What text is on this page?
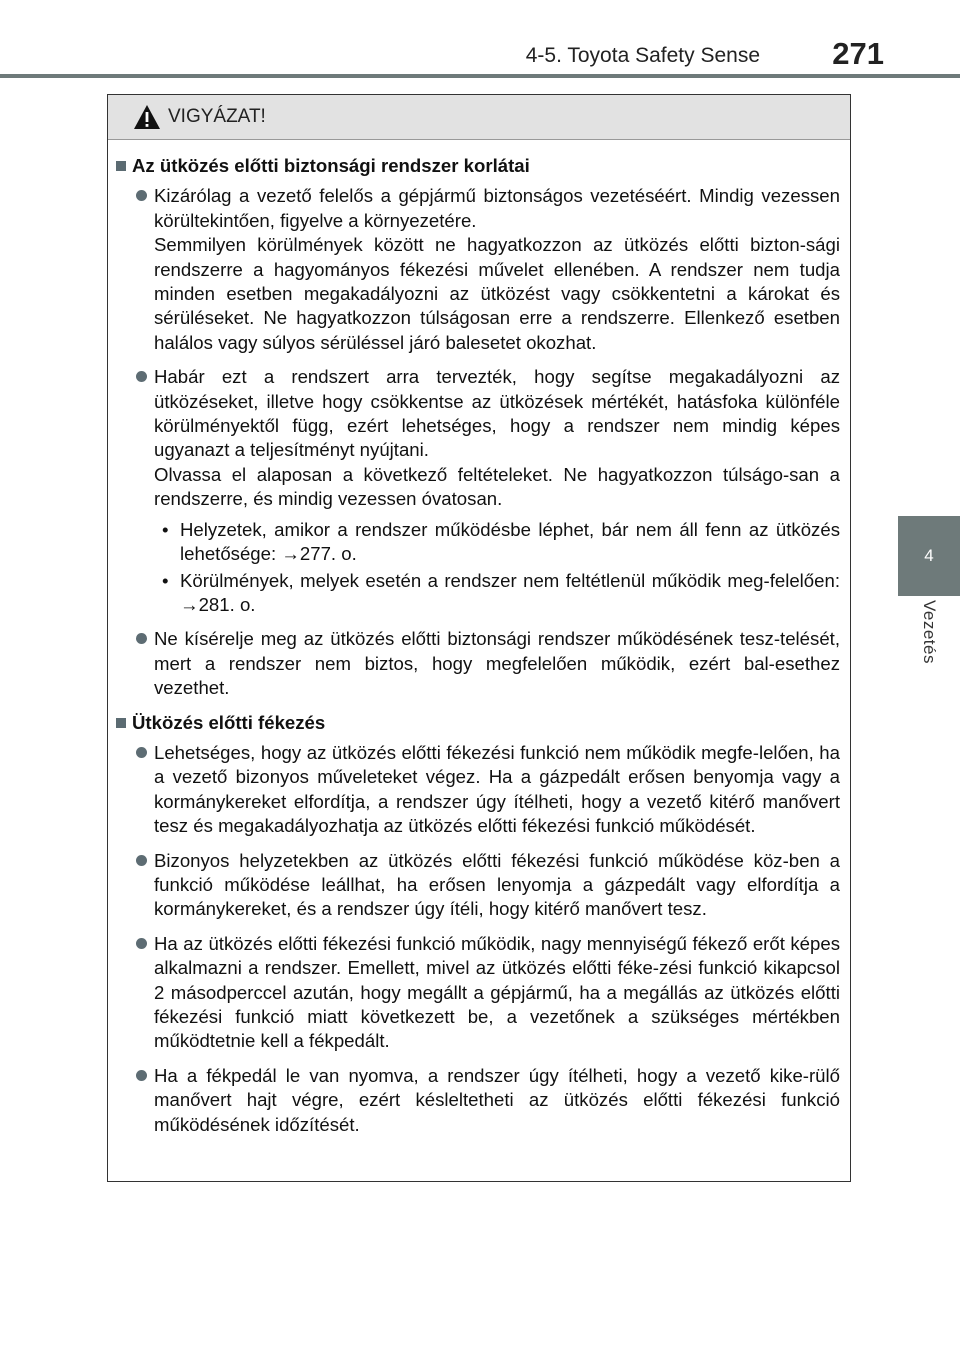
4-5. Toyota Safety Sense 271
4
Vezetés
VIGYÁZAT!
Az ütközés előtti biztonsági rendszer korlátai
Kizárólag a vezető felelős a gépjármű biztonságos vezetéséért. Mindig vezessen körültekintően, figyelve a környezetére.
Semmilyen körülmények között ne hagyatkozzon az ütközés előtti bizton-sági rendszerre a hagyományos fékezési művelet ellenében. A rendszer nem tudja minden esetben megakadályozni az ütközést vagy csökkentetni a károkat és sérüléseket. Ne hagyatkozzon túlságosan erre a rendszerre. Ellenkező esetben halálos vagy súlyos sérüléssel járó balesetet okozhat.
Habár ezt a rendszert arra tervezték, hogy segítse megakadályozni az ütközéseket, illetve hogy csökkentse az ütközések mértékét, hatásfoka különféle körülményektől függ, ezért lehetséges, hogy a rendszer nem mindig képes ugyanazt a teljesítményt nyújtani.
Olvassa el alaposan a következő feltételeket. Ne hagyatkozzon túlságo-san a rendszerre, és mindig vezessen óvatosan.
• Helyzetek, amikor a rendszer működésbe léphet, bár nem áll fenn az ütközés lehetősége: →277. o.
• Körülmények, melyek esetén a rendszer nem feltétlenül működik meg-felelően: →281. o.
Ne kísérelje meg az ütközés előtti biztonsági rendszer működésének tesz-telését, mert a rendszer nem biztos, hogy megfelelően működik, ezért bal-esethez vezethet.
Ütközés előtti fékezés
Lehetséges, hogy az ütközés előtti fékezési funkció nem működik megfe-lelően, ha a vezető bizonyos műveleteket végez. Ha a gázpedált erősen benyomja vagy a kormánykereket elfordítja, a rendszer úgy ítélheti, hogy a vezető kitérő manővert tesz és megakadályozhatja az ütközés előtti fékezési funkció működését.
Bizonyos helyzetekben az ütközés előtti fékezési funkció működése köz-ben a funkció működése leállhat, ha erősen lenyomja a gázpedált vagy elfordítja a kormánykereket, és a rendszer úgy ítéli, hogy kitérő manővert tesz.
Ha az ütközés előtti fékezési funkció működik, nagy mennyiségű fékező erőt képes alkalmazni a rendszer. Emellett, mivel az ütközés előtti féke-zési funkció kikapcsol 2 másodperccel azután, hogy megállt a gépjármű, ha a megállás az ütközés előtti fékezési funkció miatt következett be, a vezetőnek a szükséges mértékben működtetnie kell a fékpedált.
Ha a fékpedál le van nyomva, a rendszer úgy ítélheti, hogy a vezető kike-rülő manővert hajt végre, ezért késleltetheti az ütközés előtti fékezési funkció működésének időzítését.
